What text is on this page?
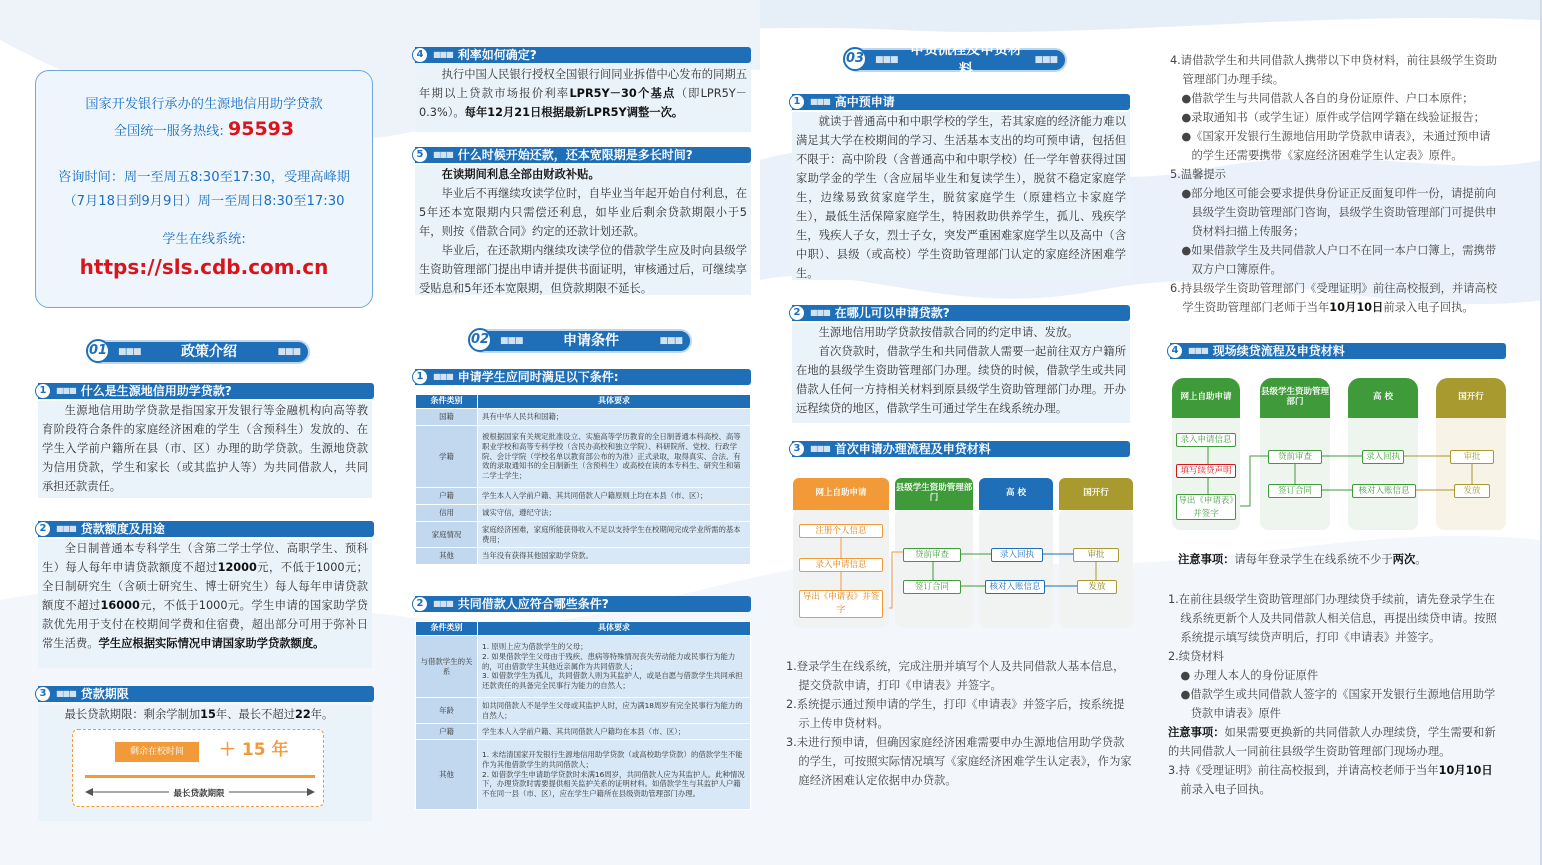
国家开发银行承办的生源地信用助学贷款
全国统一服务热线: 95593
咨询时间：周一至周五8:30至17:30，受理高峰期
（7月18日到9月9日）周一至周日8:30至17:30
学生在线系统:
https://sls.cdb.com.cn
01	■■■	政策介绍	■■■
1	■■■ 什么是生源地信用助学贷款?

生源地信用助学贷款是指国家开发银行等金融机构向高等教育阶段符合条件的家庭经济困难的学生（含预科生）发放的、在学生入学前户籍所在县（市、区）办理的助学贷款。生源地贷款为信用贷款，学生和家长（或其监护人等）为共同借款人，共同承担还款责任。

2	■■■ 贷款额度及用途

全日制普通本专科学生（含第二学士学位、高职学生、预科生）每人每年申请贷款额度不超过12000元，不低于1000元；全日制研究生（含硕士研究生、博士研究生）每人每年申请贷款额度不超过16000元，不低于1000元。学生申请的国家助学贷款优先用于支付在校期间学费和住宿费，超出部分可用于弥补日常生活费。学生应根据实际情况申请国家助学贷款额度。

3	■■■ 贷款期限

最长贷款期限：剩余学制加15年、最长不超过22年。

剩余在校时间	＋ 15 年
最长贷款期限
4	■■■ 利率如何确定?

执行中国人民银行授权全国银行间同业拆借中心发布的同期五年期以上贷款市场报价利率LPR5Y－30个基点（即LPR5Y－0.3%）。每年12月21日根据最新LPR5Y调整一次。

5	■■■ 什么时候开始还款，还本宽限期是多长时间?

在读期间利息全部由财政补贴。

毕业后不再继续攻读学位时，自毕业当年起开始自付利息，在5年还本宽限期内只需偿还利息，如毕业后剩余贷款期限小于5年，则按《借款合同》约定的还款计划还款。

毕业后，在还款期内继续攻读学位的借款学生应及时向县级学生资助管理部门提出申请并提供书面证明，审核通过后，可继续享受贴息和5年还本宽限期，但贷款期限不延长。

02	■■■	申请条件	■■■
1	■■■ 申请学生应同时满足以下条件:
条件类别	具体要求
国籍	具有中华人民共和国籍；
学籍	被根据国家有关规定批准设立、实施高等学历教育的全日制普通本科高校、高等职业学校和高等专科学校（含民办高校和独立学院）、科研院所、党校、行政学院、会计学院（学校名单以教育部公布的为准）正式录取，取得真实、合法、有效的录取通知书的全日制新生（含预科生）或高校在读的本专科生、研究生和第二学士学生；
户籍	学生本人入学前户籍、其共同借款人户籍原则上均在本县（市、区）；
信用	诚实守信，遵纪守法；
家庭情况	家庭经济困难，家庭所能获得收入不足以支持学生在校期间完成学业所需的基本费用；
其他	当年没有获得其他国家助学贷款。
2	■■■ 共同借款人应符合哪些条件?
条件类别	具体要求
与借款学生的关系	1. 原则上应为借款学生的父母；
2. 如果借款学生父母由于残疾、患病等特殊情况丧失劳动能力或民事行为能力的，可由借款学生其他近亲属作为共同借款人；
3. 如借款学生为孤儿，共同借款人则为其监护人，或是自愿与借款学生共同承担还款责任的具备完全民事行为能力的自然人；
年龄	如共同借款人不是学生父母或其监护人时，应为满18周岁有完全民事行为能力的自然人；
户籍	学生本人入学前户籍、其共同借款人户籍均在本县（市、区）；
其他	1. 未结清国家开发银行生源地信用助学贷款（或高校助学贷款）的借款学生不能作为其他借款学生的共同借款人；
2. 如借款学生申请助学贷款时未满16周岁，共同借款人应为其监护人。此种情况下，办理贷款时需要提供相关监护关系的证明材料。如借款学生与其监护人户籍不在同一县（市、区），应在学生户籍所在县级资助管理部门办理。
03	■■■
申贷流程及申贷材料
■■■
1	■■■ 高中预申请

就读于普通高中和中职学校的学生，若其家庭的经济能力难以满足其大学在校期间的学习、生活基本支出的均可预申请，包括但不限于：高中阶段（含普通高中和中职学校）任一学年曾获得过国家助学金的学生（含应届毕业生和复读学生），脱贫不稳定家庭学生，边缘易致贫家庭学生，脱贫家庭学生（原建档立卡家庭学生），最低生活保障家庭学生，特困救助供养学生，孤儿、残疾学生，残疾人子女，烈士子女，突发严重困难家庭学生以及高中（含中职）、县级（或高校）学生资助管理部门认定的家庭经济困难学生。

2	■■■ 在哪儿可以申请贷款?

生源地信用助学贷款按借款合同的约定申请、发放。

首次贷款时，借款学生和共同借款人需要一起前往双方户籍所在地的县级学生资助管理部门办理。续贷的时候，借款学生或共同借款人任何一方持相关材料到原县级学生资助管理部门办理。开办远程续贷的地区，借款学生可通过学生在线系统办理。

3	■■■ 首次申请办理流程及申贷材料
网上自助申请	县级学生资助管理部门	高 校	国开行
注册个人信息
录入申请信息
导出《申请表》并签字
贷前审查
签订合同
录入回执
核对入账信息
审批
发放
1.登录学生在线系统，完成注册并填写个人及共同借款人基本信息，提交贷款申请，打印《申请表》并签字。
2.系统提示通过预申请的学生，打印《申请表》并签字后，按系统提示上传申贷材料。
3.未进行预申请，但确因家庭经济困难需要申办生源地信用助学贷款的学生，可按照实际情况填写《家庭经济困难学生认定表》，作为家庭经济困难认定依据申办贷款。
4.请借款学生和共同借款人携带以下申贷材料，前往县级学生资助管理部门办理手续。
●借款学生与共同借款人各自的身份证原件、户口本原件；
●录取通知书（或学生证）原件或学信网学籍在线验证报告；
●《国家开发银行生源地信用助学贷款申请表》，未通过预申请的学生还需要携带《家庭经济困难学生认定表》原件。
5.温馨提示
●部分地区可能会要求提供身份证正反面复印件一份，请提前向县级学生资助管理部门咨询，县级学生资助管理部门可提供申贷材料扫描上传服务；
●如果借款学生及共同借款人户口不在同一本户口簿上，需携带双方户口簿原件。
6.持县级学生资助管理部门《受理证明》前往高校报到，并请高校学生资助管理部门老师于当年10月10日前录入电子回执。
4	■■■ 现场续贷流程及申贷材料
网上自助申请	县级学生资助管理部门	高 校	国开行
录入申请信息
填写续贷声明
导出《申请表》并签字
贷前审查
签订合同
录入回执
核对入账信息
审批
发放
注意事项：请每年登录学生在线系统不少于两次。
1.在前往县级学生资助管理部门办理续贷手续前，请先登录学生在线系统更新个人及共同借款人相关信息，再提出续贷申请。按照系统提示填写续贷声明后，打印《申请表》并签字。
2.续贷材料
● 办理人本人的身份证原件
●借款学生或共同借款人签字的《国家开发银行生源地信用助学贷款申请表》原件
注意事项：如果需要更换新的共同借款人办理续贷，学生需要和新的共同借款人一同前往县级学生资助管理部门现场办理。
3.持《受理证明》前往高校报到，并请高校老师于当年10月10日前录入电子回执。
